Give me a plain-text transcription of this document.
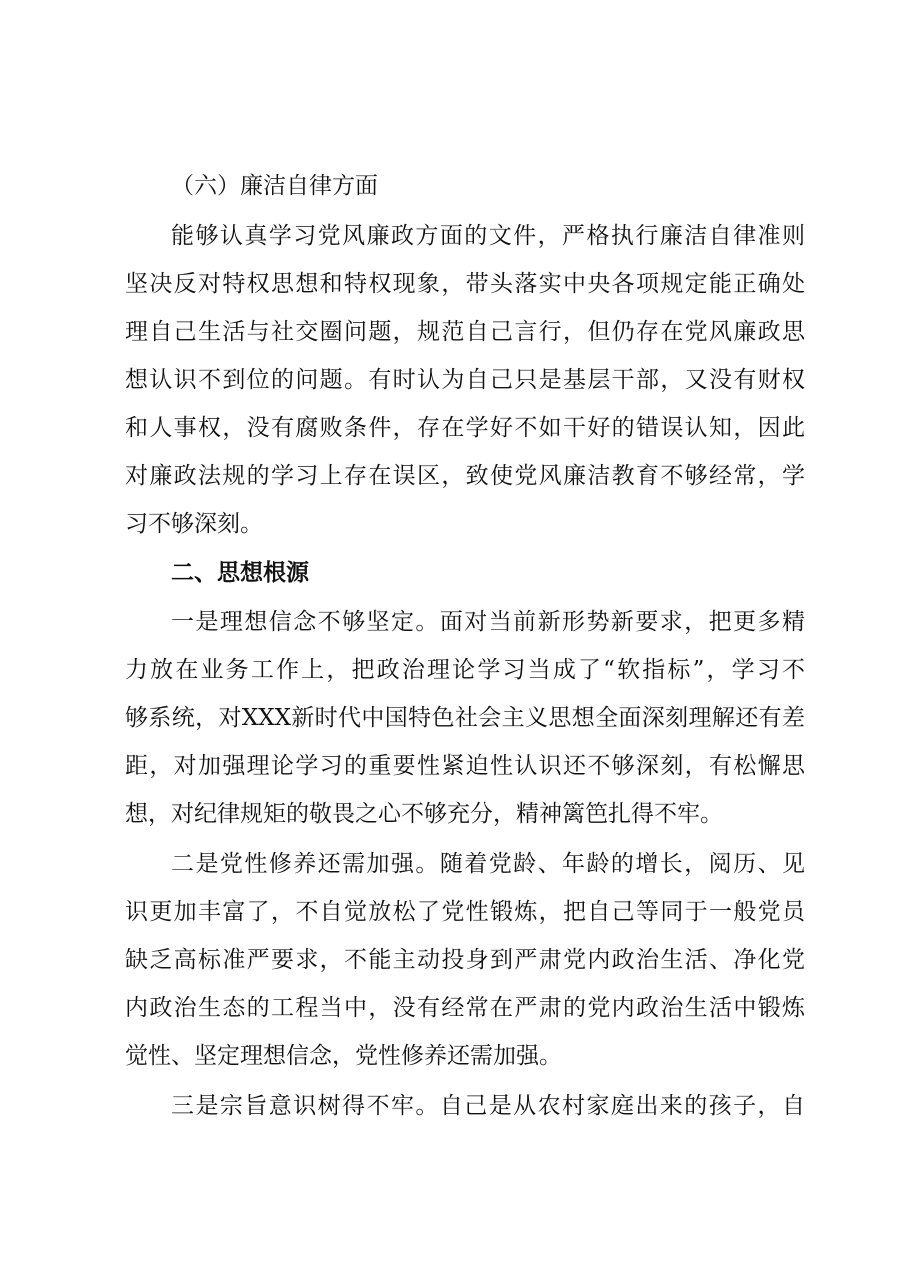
（六）廉洁自律方面
能够认真学习党风廉政方面的文件，严格执行廉洁自律准则
坚决反对特权思想和特权现象，带头落实中央各项规定能正确处
理自己生活与社交圈问题，规范自己言行，但仍存在党风廉政思
想认识不到位的问题。有时认为自己只是基层干部，又没有财权
和人事权，没有腐败条件，存在学好不如干好的错误认知，因此
对廉政法规的学习上存在误区，致使党风廉洁教育不够经常，学
习不够深刻。
二、思想根源
一是理想信念不够坚定。面对当前新形势新要求，把更多精
力放在业务工作上，把政治理论学习当成了“软指标”，学习不
够系统，对XXX新时代中国特色社会主义思想全面深刻理解还有差
距，对加强理论学习的重要性紧迫性认识还不够深刻，有松懈思
想，对纪律规矩的敬畏之心不够充分，精神篱笆扎得不牢。
二是党性修养还需加强。随着党龄、年龄的增长，阅历、见
识更加丰富了，不自觉放松了党性锻炼，把自己等同于一般党员
缺乏高标准严要求，不能主动投身到严肃党内政治生活、净化党
内政治生态的工程当中，没有经常在严肃的党内政治生活中锻炼
觉性、坚定理想信念，党性修养还需加强。
三是宗旨意识树得不牢。自己是从农村家庭出来的孩子，自
